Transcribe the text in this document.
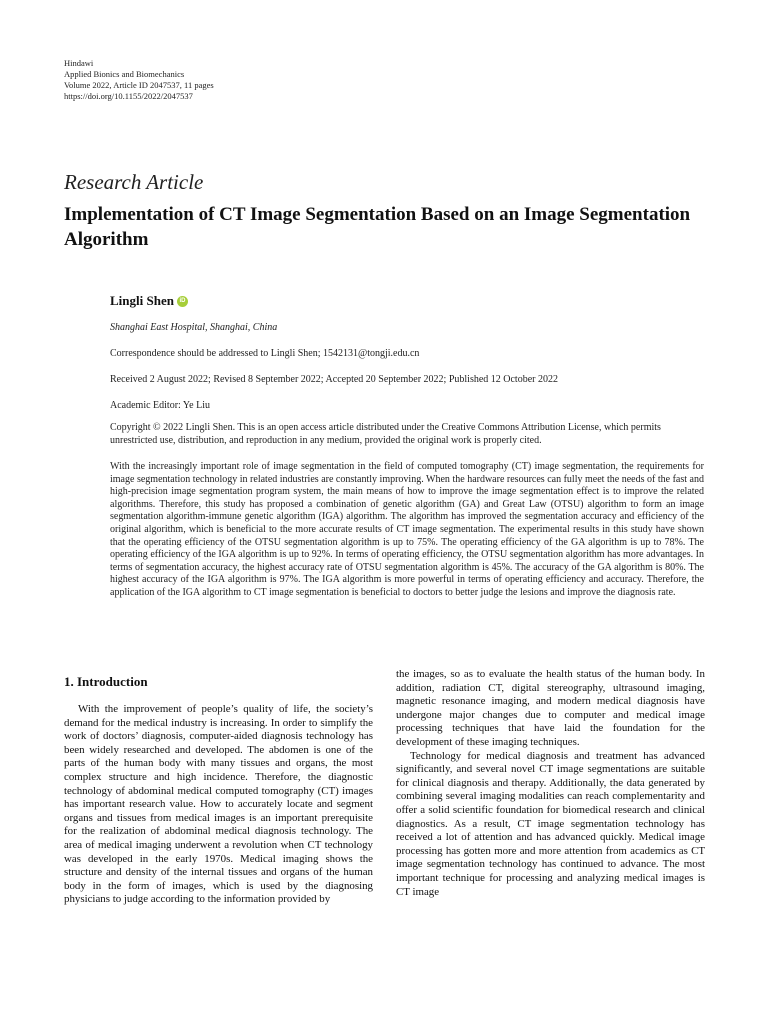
Hindawi
Applied Bionics and Biomechanics
Volume 2022, Article ID 2047537, 11 pages
https://doi.org/10.1155/2022/2047537
Research Article
Implementation of CT Image Segmentation Based on an Image Segmentation Algorithm
Lingli Shen iD
Shanghai East Hospital, Shanghai, China
Correspondence should be addressed to Lingli Shen; 1542131@tongji.edu.cn
Received 2 August 2022; Revised 8 September 2022; Accepted 20 September 2022; Published 12 October 2022
Academic Editor: Ye Liu
Copyright © 2022 Lingli Shen. This is an open access article distributed under the Creative Commons Attribution License, which permits unrestricted use, distribution, and reproduction in any medium, provided the original work is properly cited.
With the increasingly important role of image segmentation in the field of computed tomography (CT) image segmentation, the requirements for image segmentation technology in related industries are constantly improving. When the hardware resources can fully meet the needs of the fast and high-precision image segmentation program system, the main means of how to improve the image segmentation effect is to improve the related algorithms. Therefore, this study has proposed a combination of genetic algorithm (GA) and Great Law (OTSU) algorithm to form an image segmentation algorithm-immune genetic algorithm (IGA) algorithm. The algorithm has improved the segmentation accuracy and efficiency of the original algorithm, which is beneficial to the more accurate results of CT image segmentation. The experimental results in this study have shown that the operating efficiency of the OTSU segmentation algorithm is up to 75%. The operating efficiency of the GA algorithm is up to 78%. The operating efficiency of the IGA algorithm is up to 92%. In terms of operating efficiency, the OTSU segmentation algorithm has more advantages. In terms of segmentation accuracy, the highest accuracy rate of OTSU segmentation algorithm is 45%. The accuracy of the GA algorithm is 80%. The highest accuracy of the IGA algorithm is 97%. The IGA algorithm is more powerful in terms of operating efficiency and accuracy. Therefore, the application of the IGA algorithm to CT image segmentation is beneficial to doctors to better judge the lesions and improve the diagnosis rate.
1. Introduction

With the improvement of people’s quality of life, the society’s demand for the medical industry is increasing. In order to simplify the work of doctors’ diagnosis, computer-aided diagnosis technology has been widely researched and developed. The abdomen is one of the parts of the human body with many tissues and organs, the most complex structure and high incidence. Therefore, the diagnostic technology of abdominal medical computed tomography (CT) images has important research value. How to accurately locate and segment organs and tissues from medical images is an important prerequisite for the realization of abdominal medical diagnosis technology. The area of medical imaging underwent a revolution when CT technology was developed in the early 1970s. Medical imaging shows the structure and density of the internal tissues and organs of the human body in the form of images, which is used by the diagnosing physicians to judge according to the information provided by

the images, so as to evaluate the health status of the human body. In addition, radiation CT, digital stereography, ultrasound imaging, magnetic resonance imaging, and modern medical diagnosis have undergone major changes due to computer and medical image processing techniques that have laid the foundation for the development of these imaging techniques.

Technology for medical diagnosis and treatment has advanced significantly, and several novel CT image segmentations are suitable for clinical diagnosis and therapy. Additionally, the data generated by combining several imaging modalities can reach complementarity and offer a solid scientific foundation for biomedical research and clinical diagnostics. As a result, CT image segmentation technology has received a lot of attention and has advanced quickly. Medical image processing has gotten more and more attention from academics as CT image segmentation technology has continued to advance. The most important technique for processing and analyzing medical images is CT image
